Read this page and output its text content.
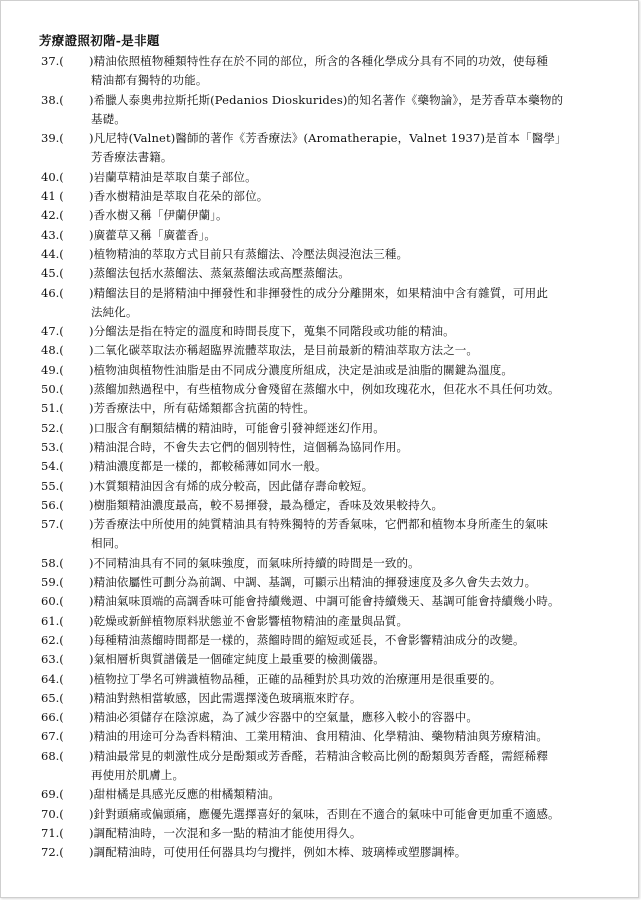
芳療證照初階-是非題
37.(	)精油依照植物種類特性存在於不同的部位，所含的各種化學成分具有不同的功效，使每種
精油都有獨特的功能。
38.(	)希臘人泰奧弗拉斯托斯(Pedanios Dioskurides)的知名著作《藥物論》，是芳香草本藥物的
基礎。
39.(	)凡尼特(Valnet)醫師的著作《芳香療法》(Aromatherapie，Valnet 1937)是首本「醫學」
芳香療法書籍。
40.(	)岩蘭草精油是萃取自葉子部位。
41 (	)香水樹精油是萃取自花朵的部位。
42.(	)香水樹又稱「伊蘭伊蘭」。
43.(	)廣藿草又稱「廣藿香」。
44.(	)植物精油的萃取方式目前只有蒸餾法、冷壓法與浸泡法三種。
45.(	)蒸餾法包括水蒸餾法、蒸氣蒸餾法或高壓蒸餾法。
46.(	)精餾法目的是將精油中揮發性和非揮發性的成分分離開來，如果精油中含有雜質，可用此
法純化。
47.(	)分餾法是指在特定的溫度和時間長度下，蒐集不同階段或功能的精油。
48.(	)二氧化碳萃取法亦稱超臨界流體萃取法，是目前最新的精油萃取方法之一。
49.(	)植物油與植物性油脂是由不同成分濃度所組成，決定是油或是油脂的關鍵為溫度。
50.(	)蒸餾加熱過程中，有些植物成分會殘留在蒸餾水中，例如玫瑰花水，但花水不具任何功效。
51.(	)芳香療法中，所有萜烯類都含抗菌的特性。
52.(	)口服含有酮類結構的精油時，可能會引發神經迷幻作用。
53.(	)精油混合時，不會失去它們的個別特性，這個稱為協同作用。
54.(	)精油濃度都是一樣的，都較稀薄如同水一般。
55.(	)木質類精油因含有烯的成分較高，因此儲存壽命較短。
56.(	)樹脂類精油濃度最高，較不易揮發，最為穩定，香味及效果較持久。
57.(	)芳香療法中所使用的純質精油具有特殊獨特的芳香氣味，它們都和植物本身所產生的氣味
相同。
58.(	)不同精油具有不同的氣味強度，而氣味所持續的時間是一致的。
59.(	)精油依屬性可劃分為前調、中調、基調，可顯示出精油的揮發速度及多久會失去效力。
60.(	)精油氣味頂端的高調香味可能會持續幾週、中調可能會持續幾天、基調可能會持續幾小時。
61.(	)乾燥或新鮮植物原料狀態並不會影響植物精油的產量與品質。
62.(	)每種精油蒸餾時間都是一樣的，蒸餾時間的縮短或延長，不會影響精油成分的改變。
63.(	)氣相層析與質譜儀是一個確定純度上最重要的檢測儀器。
64.(	)植物拉丁學名可辨識植物品種，正確的品種對於具功效的治療運用是很重要的。
65.(	)精油對熱相當敏感，因此需選擇淺色玻璃瓶來貯存。
66.(	)精油必須儲存在陰涼處，為了減少容器中的空氣量，應移入較小的容器中。
67.(	)精油的用途可分為香料精油、工業用精油、食用精油、化學精油、藥物精油與芳療精油。
68.(	)精油最常見的刺激性成分是酚類或芳香醛，若精油含較高比例的酚類與芳香醛，需經稀釋
再使用於肌膚上。
69.(	)甜柑橘是具感光反應的柑橘類精油。
70.(	)針對頭痛或偏頭痛，應優先選擇喜好的氣味，否則在不適合的氣味中可能會更加重不適感。
71.(	)調配精油時，一次混和多一點的精油才能使用得久。
72.(	)調配精油時，可使用任何器具均勻攪拌，例如木棒、玻璃棒或塑膠調棒。
